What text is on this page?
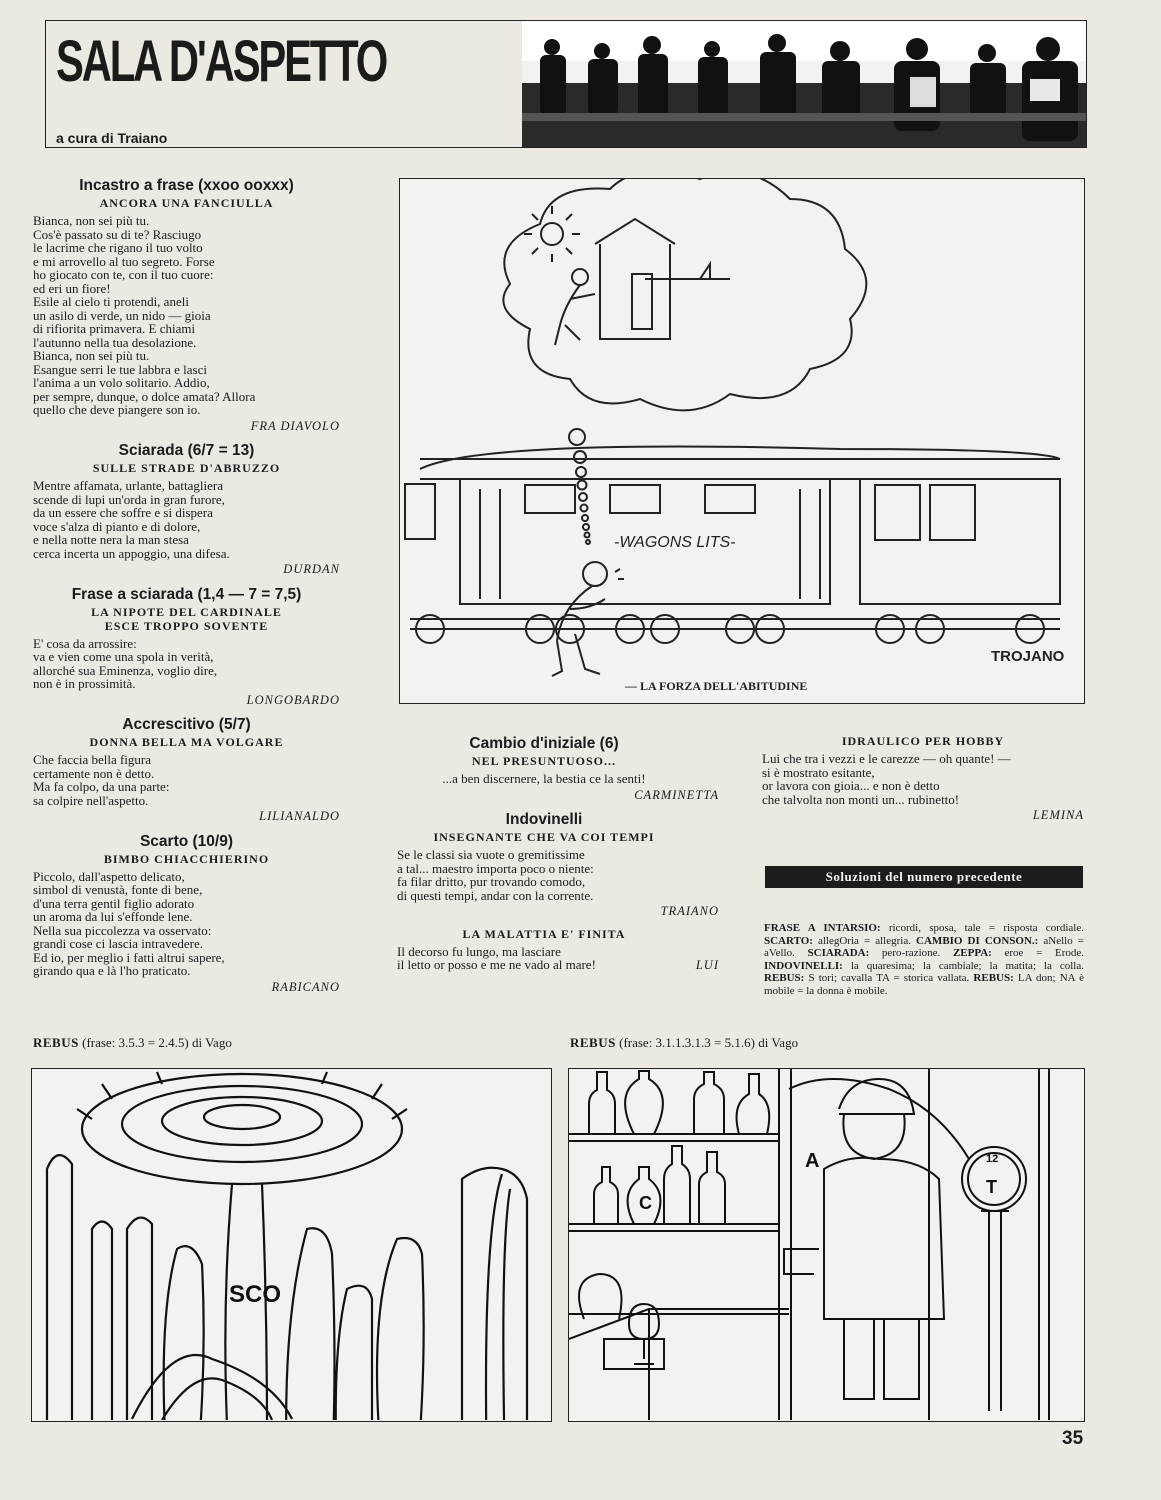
SALA D'ASPETTO
a cura di Traiano
Incastro a frase (xxoo ooxxx)
ANCORA UNA FANCIULLA
Bianca, non sei più tu.
Cos'è passato su di te? Rasciugo
le lacrime che rigano il tuo volto
e mi arrovello al tuo segreto. Forse
ho giocato con te, con il tuo cuore:
ed eri un fiore!
Esile al cielo ti protendi, aneli
un asilo di verde, un nido — gioia
di rifiorita primavera. E chiami
l'autunno nella tua desolazione.
Bianca, non sei più tu.
Esangue serri le tue labbra e lasci
l'anima a un volo solitario. Addio,
per sempre, dunque, o dolce amata? Allora
quello che deve piangere son io.
FRA DIAVOLO
Sciarada (6/7 = 13)
SULLE STRADE D'ABRUZZO
Mentre affamata, urlante, battagliera
scende di lupi un'orda in gran furore,
da un essere che soffre e si dispera
voce s'alza di pianto e di dolore,
e nella notte nera la man stesa
cerca incerta un appoggio, una difesa.
DURDAN
Frase a sciarada (1,4 — 7 = 7,5)
LA NIPOTE DEL CARDINALE ESCE TROPPO SOVENTE
E' cosa da arrossire:
va e vien come una spola in verità,
allorché sua Eminenza, voglio dire,
non è in prossimità.
LONGOBARDO
Accrescitivo (5/7)
DONNA BELLA MA VOLGARE
Che faccia bella figura
certamente non è detto.
Ma fa colpo, da una parte:
sa colpire nell'aspetto.
LILIANALDO
Scarto (10/9)
BIMBO CHIACCHIERINO
Piccolo, dall'aspetto delicato,
simbol di venustà, fonte di bene,
d'una terra gentil figlio adorato
un aroma da lui s'effonde lene.
Nella sua piccolezza va osservato:
grandi cose ci lascia intravedere.
Ed io, per meglio i fatti altrui sapere,
girando qua e là l'ho praticato.
RABICANO
-WAGONS LITS-
TROJANO
— LA FORZA DELL'ABITUDINE
Cambio d'iniziale (6)
NEL PRESUNTUOSO...
...a ben discernere, la bestia ce la senti!
CARMINETTA
Indovinelli
INSEGNANTE CHE VA COI TEMPI
Se le classi sia vuote o gremitissime
a tal... maestro importa poco o niente:
fa filar dritto, pur trovando comodo,
di questi tempi, andar con la corrente.
TRAIANO
LA MALATTIA E' FINITA
Il decorso fu lungo, ma lasciare
il letto or posso e me ne vado al mare!	LUI
IDRAULICO PER HOBBY
Lui che tra i vezzi e le carezze — oh quante! —
si è mostrato esitante,
or lavora con gioia... e non è detto
che talvolta non monti un... rubinetto!
LEMINA
Soluzioni del numero precedente
FRASE A INTARSIO: ricordi, sposa, tale = risposta cordiale. SCARTO: allegOria = allegria. CAMBIO DI CONSON.: aNello = aVello. SCIARADA: pero-razione. ZEPPA: eroe = Erode. INDOVINELLI: la quaresima; la cambiale; la matita; la colla. REBUS: S tori; cavalla TA = storica vallata. REBUS: LA don; NA è mobile = la donna è mobile.
REBUS (frase: 3.5.3 = 2.4.5) di Vago	REBUS (frase: 3.1.1.3.1.3 = 5.1.6) di Vago
SCO
A
C
T
12
35
